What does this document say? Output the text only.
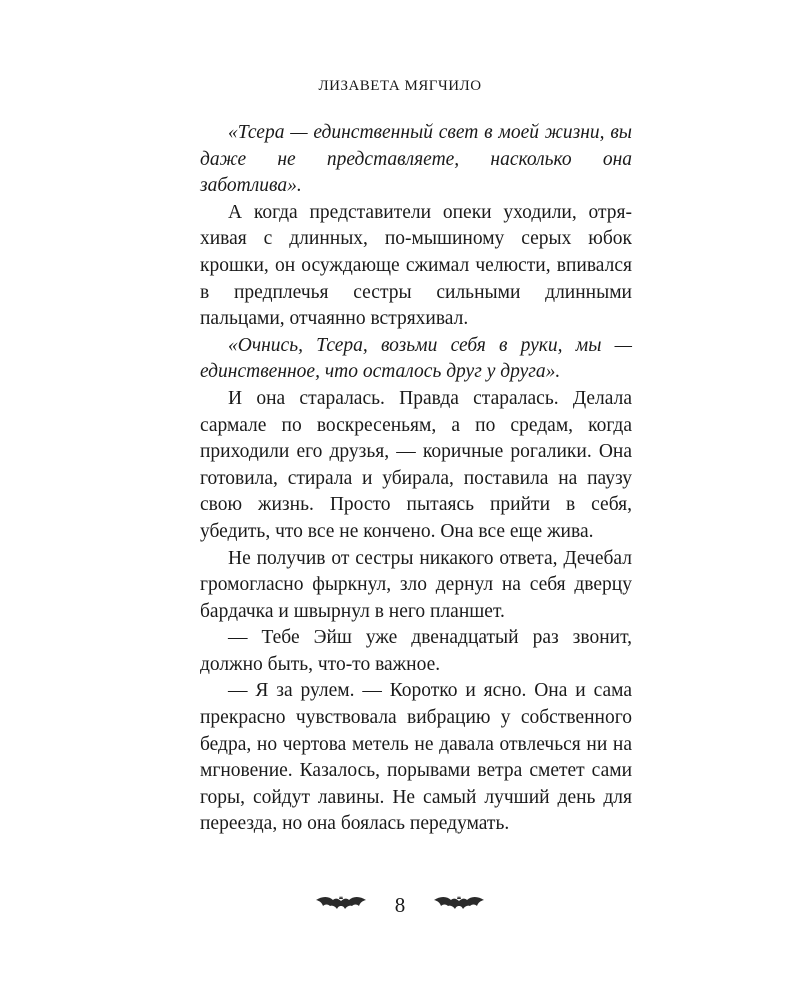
ЛИЗАВЕТА МЯГЧИЛО

«Тсера — единственный свет в моей жизни, вы даже не представляете, насколько она заботлива».

А когда представители опеки уходили, отряхивая с длинных, по-мышиному серых юбок крошки, он осуждающе сжимал челюсти, впивался в предплечья сестры сильными длинными пальцами, отчаянно встряхивал.

«Очнись, Тсера, возьми себя в руки, мы — единственное, что осталось друг у друга».

И она старалась. Правда старалась. Делала сармале по воскресеньям, а по средам, когда приходили его друзья, — коричные рогалики. Она готовила, стирала и убирала, поставила на паузу свою жизнь. Просто пытаясь прийти в себя, убедить, что все не кончено. Она все еще жива.

Не получив от сестры никакого ответа, Дечебал громогласно фыркнул, зло дернул на себя дверцу бардачка и швырнул в него планшет.

— Тебе Эйш уже двенадцатый раз звонит, должно быть, что-то важное.

— Я за рулем. — Коротко и ясно. Она и сама прекрасно чувствовала вибрацию у собственного бедра, но чертова метель не давала отвлечься ни на мгновение. Казалось, порывами ветра сметет сами горы, сойдут лавины. Не самый лучший день для переезда, но она боялась передумать.

8
